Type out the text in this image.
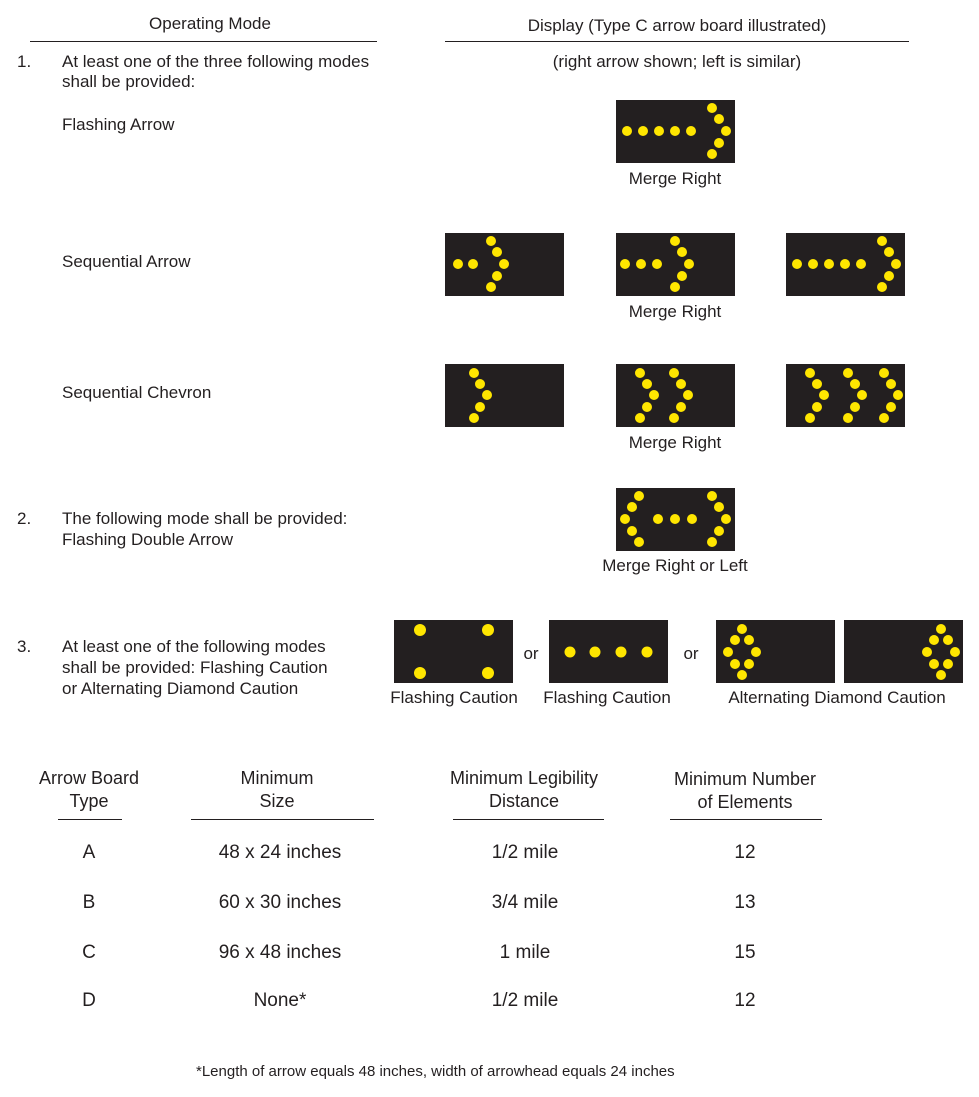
Operating Mode	Display (Type C arrow board illustrated)
(right arrow shown; left is similar)
1. At least one of the three following modes
shall be provided:
Flashing Arrow
Sequential Arrow
Sequential Chevron
2. The following mode shall be provided:
Flashing Double Arrow
3. At least one of the following modes
shall be provided: Flashing Caution
or Alternating Diamond Caution
Merge Right
Merge Right
Merge Right
Merge Right or Left
Flashing Caution
or
Flashing Caution
or
Alternating Diamond Caution
Arrow Board
Type
Minimum
Size
Minimum Legibility
Distance
Minimum Number
of Elements
A	48 x 24 inches	1/2 mile	12
B	60 x 30 inches	3/4 mile	13
C	96 x 48 inches	1 mile	15
D	None*	1/2 mile	12
*Length of arrow equals 48 inches, width of arrowhead equals 24 inches
